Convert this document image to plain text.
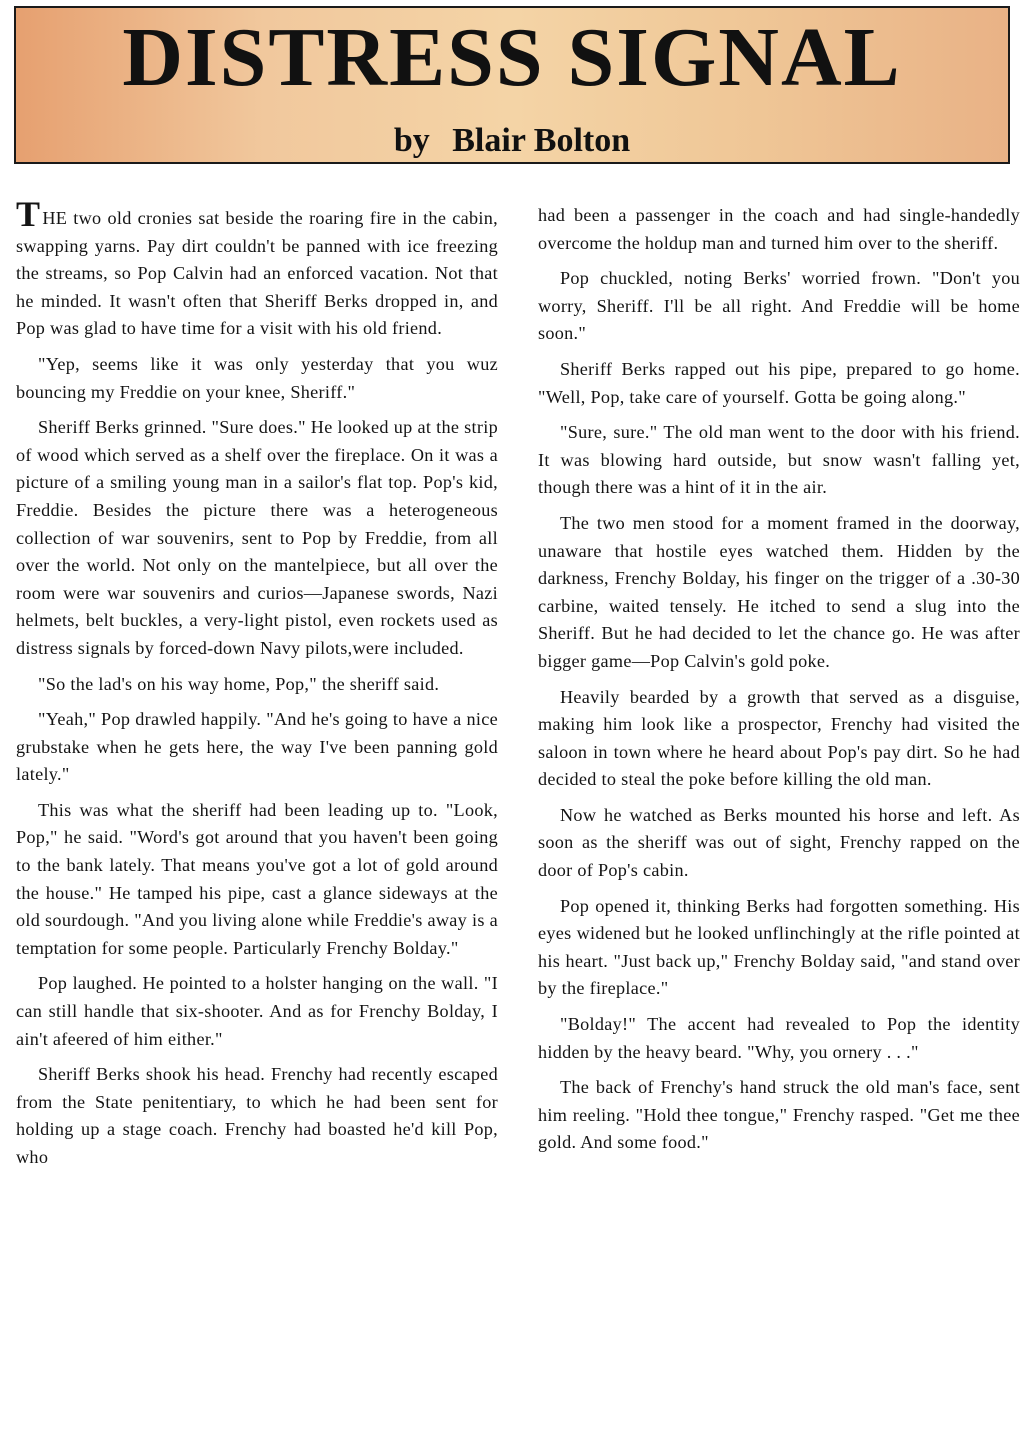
DISTRESS SIGNAL
by Blair Bolton

THE two old cronies sat beside the roaring fire in the cabin, swapping yarns. Pay dirt couldn't be panned with ice freezing the streams, so Pop Calvin had an enforced vacation. Not that he minded. It wasn't often that Sheriff Berks dropped in, and Pop was glad to have time for a visit with his old friend.

"Yep, seems like it was only yesterday that you wuz bouncing my Freddie on your knee, Sheriff."

Sheriff Berks grinned. "Sure does." He looked up at the strip of wood which served as a shelf over the fireplace. On it was a picture of a smiling young man in a sailor's flat top. Pop's kid, Freddie. Besides the picture there was a heterogeneous collection of war souvenirs, sent to Pop by Freddie, from all over the world. Not only on the mantelpiece, but all over the room were war souvenirs and curios—Japanese swords, Nazi helmets, belt buckles, a very-light pistol, even rockets used as distress signals by forced-down Navy pilots,were included.

"So the lad's on his way home, Pop," the sheriff said.

"Yeah," Pop drawled happily. "And he's going to have a nice grubstake when he gets here, the way I've been panning gold lately."

This was what the sheriff had been leading up to. "Look, Pop," he said. "Word's got around that you haven't been going to the bank lately. That means you've got a lot of gold around the house." He tamped his pipe, cast a glance sideways at the old sourdough. "And you living alone while Freddie's away is a temptation for some people. Particularly Frenchy Bolday."

Pop laughed. He pointed to a holster hanging on the wall. "I can still handle that six-shooter. And as for Frenchy Bolday, I ain't afeered of him either."

Sheriff Berks shook his head. Frenchy had recently escaped from the State penitentiary, to which he had been sent for holding up a stage coach. Frenchy had boasted he'd kill Pop, who

had been a passenger in the coach and had single-handedly overcome the holdup man and turned him over to the sheriff.

Pop chuckled, noting Berks' worried frown. "Don't you worry, Sheriff. I'll be all right. And Freddie will be home soon."

Sheriff Berks rapped out his pipe, prepared to go home. "Well, Pop, take care of yourself. Gotta be going along."

"Sure, sure." The old man went to the door with his friend. It was blowing hard outside, but snow wasn't falling yet, though there was a hint of it in the air.

The two men stood for a moment framed in the doorway, unaware that hostile eyes watched them. Hidden by the darkness, Frenchy Bolday, his finger on the trigger of a .30-30 carbine, waited tensely. He itched to send a slug into the Sheriff. But he had decided to let the chance go. He was after bigger game—Pop Calvin's gold poke.

Heavily bearded by a growth that served as a disguise, making him look like a prospector, Frenchy had visited the saloon in town where he heard about Pop's pay dirt. So he had decided to steal the poke before killing the old man.

Now he watched as Berks mounted his horse and left. As soon as the sheriff was out of sight, Frenchy rapped on the door of Pop's cabin.

Pop opened it, thinking Berks had forgotten something. His eyes widened but he looked unflinchingly at the rifle pointed at his heart. "Just back up," Frenchy Bolday said, "and stand over by the fireplace."

"Bolday!" The accent had revealed to Pop the identity hidden by the heavy beard. "Why, you ornery . . ."

The back of Frenchy's hand struck the old man's face, sent him reeling. "Hold thee tongue," Frenchy rasped. "Get me thee gold. And some food."
